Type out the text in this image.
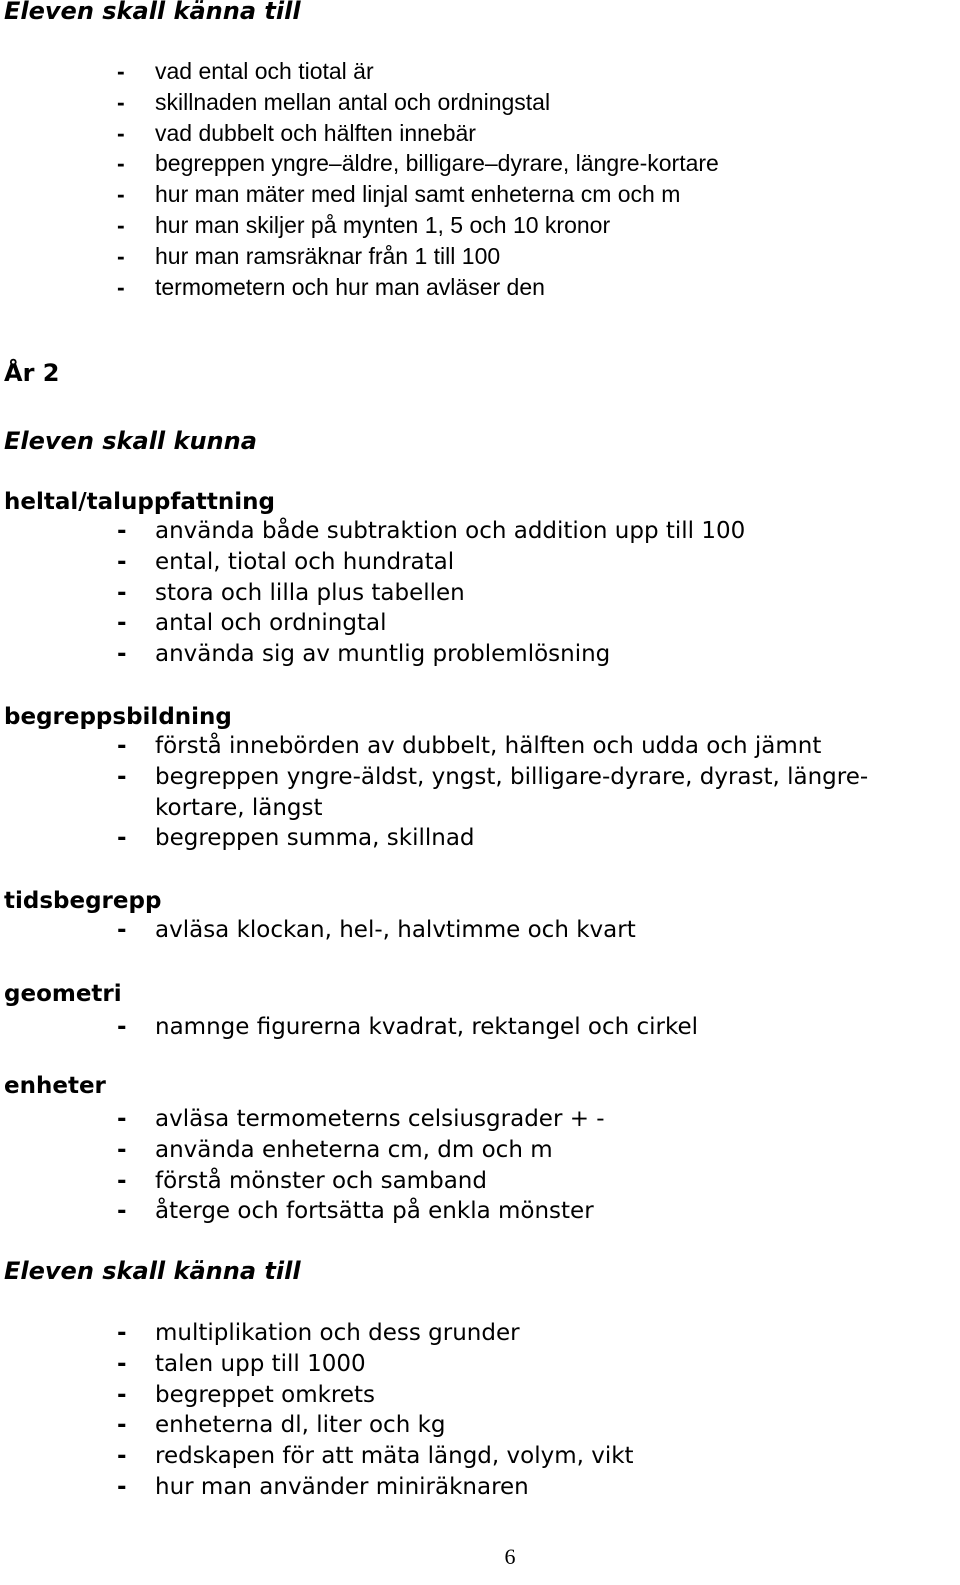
Eleven skall känna till
- vad ental och tiotal är
- skillnaden mellan antal och ordningstal
- vad dubbelt och hälften innebär
- begreppen yngre–äldre, billigare–dyrare, längre-kortare
- hur man mäter med linjal samt enheterna cm och m
- hur man skiljer på mynten 1, 5 och 10 kronor
- hur man ramsräknar från 1 till 100
- termometern och hur man avläser den
År 2
Eleven skall kunna
heltal/taluppfattning
- använda både subtraktion och addition upp till 100
- ental, tiotal och hundratal
- stora och lilla plus tabellen
- antal och ordningtal
- använda sig av muntlig problemlösning
begreppsbildning
- förstå innebörden av dubbelt, hälften och udda och jämnt
- begreppen yngre-äldst, yngst, billigare-dyrare, dyrast, längre-kortare, längst
- begreppen summa, skillnad
tidsbegrepp
- avläsa klockan, hel-, halvtimme och kvart
geometri
- namnge figurerna kvadrat, rektangel och cirkel
enheter
- avläsa termometerns celsiusgrader + -
- använda enheterna cm, dm och m
- förstå mönster och samband
- återge och fortsätta på enkla mönster
Eleven skall känna till
- multiplikation och dess grunder
- talen upp till 1000
- begreppet omkrets
- enheterna dl, liter och kg
- redskapen för att mäta längd, volym, vikt
- hur man använder miniräknaren
6
